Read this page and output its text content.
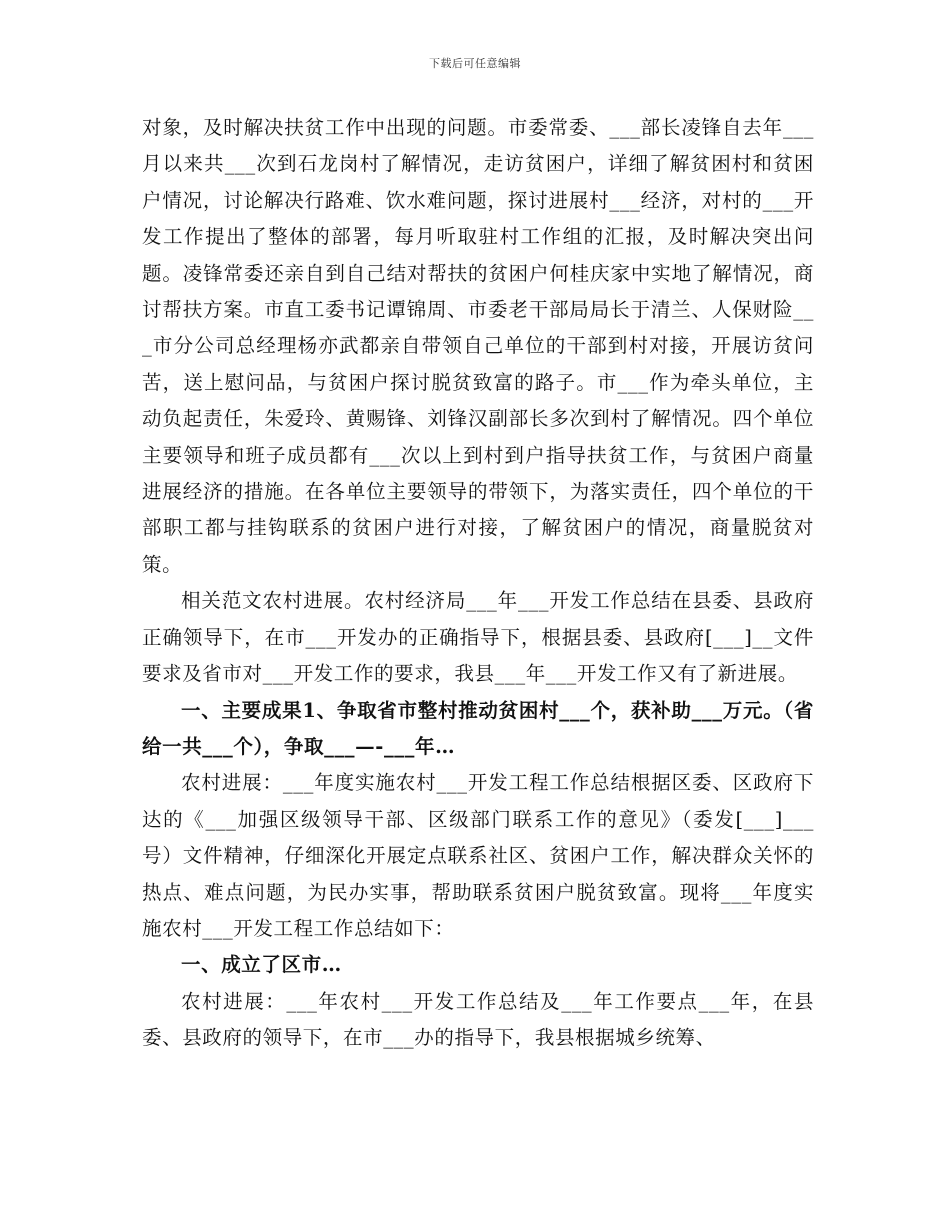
下载后可任意编辑

对象，及时解决扶贫工作中出现的问题。市委常委、___部长凌锋自去年___月以来共___次到石龙岗村了解情况，走访贫困户，详细了解贫困村和贫困户情况，讨论解决行路难、饮水难问题，探讨进展村___经济，对村的___开发工作提出了整体的部署，每月听取驻村工作组的汇报，及时解决突出问题。凌锋常委还亲自到自己结对帮扶的贫困户何桂庆家中实地了解情况，商讨帮扶方案。市直工委书记谭锦周、市委老干部局局长于清兰、人保财险___市分公司总经理杨亦武都亲自带领自己单位的干部到村对接，开展访贫问苦，送上慰问品，与贫困户探讨脱贫致富的路子。市___作为牵头单位，主动负起责任，朱爱玲、黄赐锋、刘锋汉副部长多次到村了解情况。四个单位主要领导和班子成员都有___次以上到村到户指导扶贫工作，与贫困户商量进展经济的措施。在各单位主要领导的带领下，为落实责任，四个单位的干部职工都与挂钩联系的贫困户进行对接，了解贫困户的情况，商量脱贫对策。

相关范文农村进展。农村经济局___年___开发工作总结在县委、县政府正确领导下，在市___开发办的正确指导下，根据县委、县政府[___]__文件要求及省市对___开发工作的要求，我县___年___开发工作又有了新进展。

一、主要成果1、争取省市整村推动贫困村___个，获补助___万元。（省给一共___个），争取___—-___年…

农村进展：___年度实施农村___开发工程工作总结根据区委、区政府下达的《___加强区级领导干部、区级部门联系工作的意见》（委发[___]___号）文件精神，仔细深化开展定点联系社区、贫困户工作，解决群众关怀的热点、难点问题，为民办实事，帮助联系贫困户脱贫致富。现将___年度实施农村___开发工程工作总结如下：

一、成立了区市…

农村进展：___年农村___开发工作总结及___年工作要点___年，在县委、县政府的领导下，在市___办的指导下，我县根据城乡统筹、
